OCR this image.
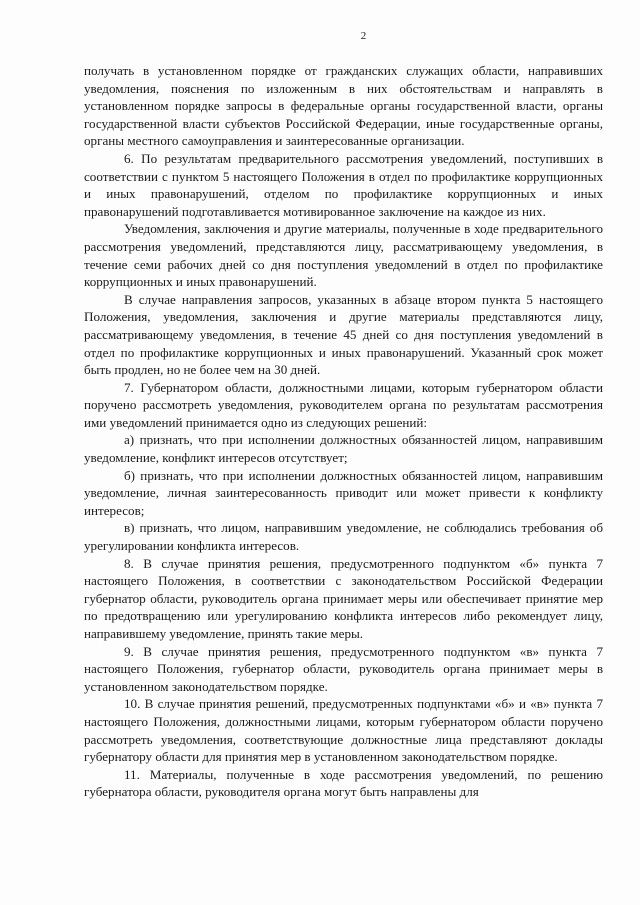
2

получать в установленном порядке от гражданских служащих области, направивших уведомления, пояснения по изложенным в них обстоятельствам и направлять в установленном порядке запросы в федеральные органы государственной власти, органы государственной власти субъектов Российской Федерации, иные государственные органы, органы местного самоуправления и заинтересованные организации.

6. По результатам предварительного рассмотрения уведомлений, поступивших в соответствии с пунктом 5 настоящего Положения в отдел по профилактике коррупционных и иных правонарушений, отделом по профилактике коррупционных и иных правонарушений подготавливается мотивированное заключение на каждое из них.

Уведомления, заключения и другие материалы, полученные в ходе предварительного рассмотрения уведомлений, представляются лицу, рассматривающему уведомления, в течение семи рабочих дней со дня поступления уведомлений в отдел по профилактике коррупционных и иных правонарушений.

В случае направления запросов, указанных в абзаце втором пункта 5 настоящего Положения, уведомления, заключения и другие материалы представляются лицу, рассматривающему уведомления, в течение 45 дней со дня поступления уведомлений в отдел по профилактике коррупционных и иных правонарушений. Указанный срок может быть продлен, но не более чем на 30 дней.

7. Губернатором области, должностными лицами, которым губернатором области поручено рассмотреть уведомления, руководителем органа по результатам рассмотрения ими уведомлений принимается одно из следующих решений:

а) признать, что при исполнении должностных обязанностей лицом, направившим уведомление, конфликт интересов отсутствует;

б) признать, что при исполнении должностных обязанностей лицом, направившим уведомление, личная заинтересованность приводит или может привести к конфликту интересов;

в) признать, что лицом, направившим уведомление, не соблюдались требования об урегулировании конфликта интересов.

8. В случае принятия решения, предусмотренного подпунктом «б» пункта 7 настоящего Положения, в соответствии с законодательством Российской Федерации губернатор области, руководитель органа принимает меры или обеспечивает принятие мер по предотвращению или урегулированию конфликта интересов либо рекомендует лицу, направившему уведомление, принять такие меры.

9. В случае принятия решения, предусмотренного подпунктом «в» пункта 7 настоящего Положения, губернатор области, руководитель органа принимает меры в установленном законодательством порядке.

10. В случае принятия решений, предусмотренных подпунктами «б» и «в» пункта 7 настоящего Положения, должностными лицами, которым губернатором области поручено рассмотреть уведомления, соответствующие должностные лица представляют доклады губернатору области для принятия мер в установленном законодательством порядке.

11. Материалы, полученные в ходе рассмотрения уведомлений, по решению губернатора области, руководителя органа могут быть направлены для
